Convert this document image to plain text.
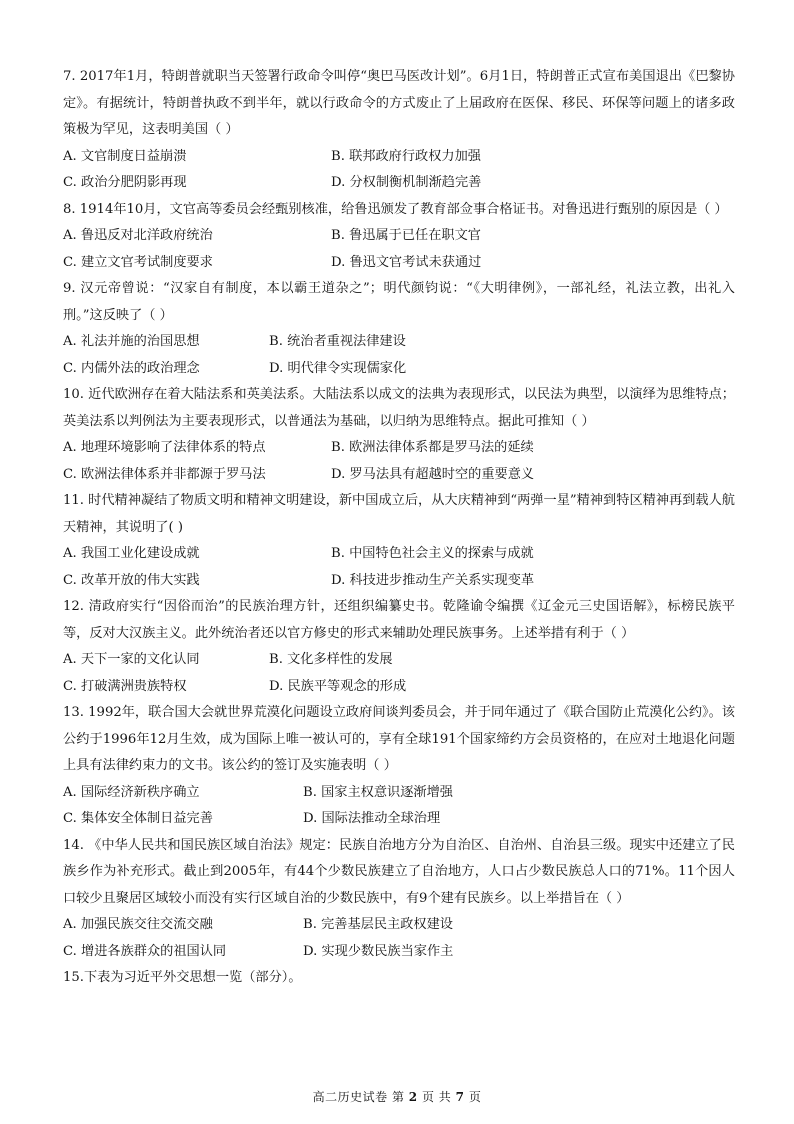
7. 2017年1月，特朗普就职当天签署行政命令叫停“奥巴马医改计划”。6月1日，特朗普正式宣布美国退出《巴黎协定》。有据统计，特朗普执政不到半年，就以行政命令的方式废止了上届政府在医保、移民、环保等问题上的诸多政策极为罕见，这表明美国（ ）
A. 文官制度日益崩溃	B. 联邦政府行政权力加强
C. 政治分肥阴影再现	D. 分权制衡机制渐趋完善
8. 1914年10月，文官高等委员会经甄别核准，给鲁迅颁发了教育部佥事合格证书。对鲁迅进行甄别的原因是（ ）
A. 鲁迅反对北洋政府统治	B. 鲁迅属于已任在职文官
C. 建立文官考试制度要求	D. 鲁迅文官考试未获通过
9. 汉元帝曾说：“汉家自有制度，本以霸王道杂之”；明代颜钧说：“《大明律例》，一部礼经，礼法立教，出礼入刑。”这反映了（ ）
A. 礼法并施的治国思想	B. 统治者重视法律建设
C. 内儒外法的政治理念	D. 明代律令实现儒家化
10. 近代欧洲存在着大陆法系和英美法系。大陆法系以成文的法典为表现形式，以民法为典型，以演绎为思维特点；英美法系以判例法为主要表现形式，以普通法为基础，以归纳为思维特点。据此可推知（ ）
A. 地理环境影响了法律体系的特点	B. 欧洲法律体系都是罗马法的延续
C. 欧洲法律体系并非都源于罗马法	D. 罗马法具有超越时空的重要意义
11. 时代精神凝结了物质文明和精神文明建设，新中国成立后，从大庆精神到“两弹一星”精神到特区精神再到载人航天精神，其说明了( )
A. 我国工业化建设成就	B. 中国特色社会主义的探索与成就
C. 改革开放的伟大实践	D. 科技进步推动生产关系实现变革
12. 清政府实行“因俗而治”的民族治理方针，还组织编纂史书。乾隆谕令编撰《辽金元三史国语解》，标榜民族平等，反对大汉族主义。此外统治者还以官方修史的形式来辅助处理民族事务。上述举措有利于（ ）
A. 天下一家的文化认同	B. 文化多样性的发展
C. 打破满洲贵族特权	D. 民族平等观念的形成
13. 1992年，联合国大会就世界荒漠化问题设立政府间谈判委员会，并于同年通过了《联合国防止荒漠化公约》。该公约于1996年12月生效，成为国际上唯一被认可的，享有全球191个国家缔约方会员资格的，在应对土地退化问题上具有法律约束力的文书。该公约的签订及实施表明（ ）
A. 国际经济新秩序确立	B. 国家主权意识逐渐增强
C. 集体安全体制日益完善	D. 国际法推动全球治理
14. 《中华人民共和国民族区域自治法》规定：民族自治地方分为自治区、自治州、自治县三级。现实中还建立了民族乡作为补充形式。截止到2005年，有44个少数民族建立了自治地方，人口占少数民族总人口的71%。11个因人口较少且聚居区域较小而没有实行区域自治的少数民族中，有9个建有民族乡。以上举措旨在（ ）
A. 加强民族交往交流交融	B. 完善基层民主政权建设
C. 增进各族群众的祖国认同	D. 实现少数民族当家作主
15.下表为习近平外交思想一览（部分）。
高二历史试卷 第 2 页 共 7 页
